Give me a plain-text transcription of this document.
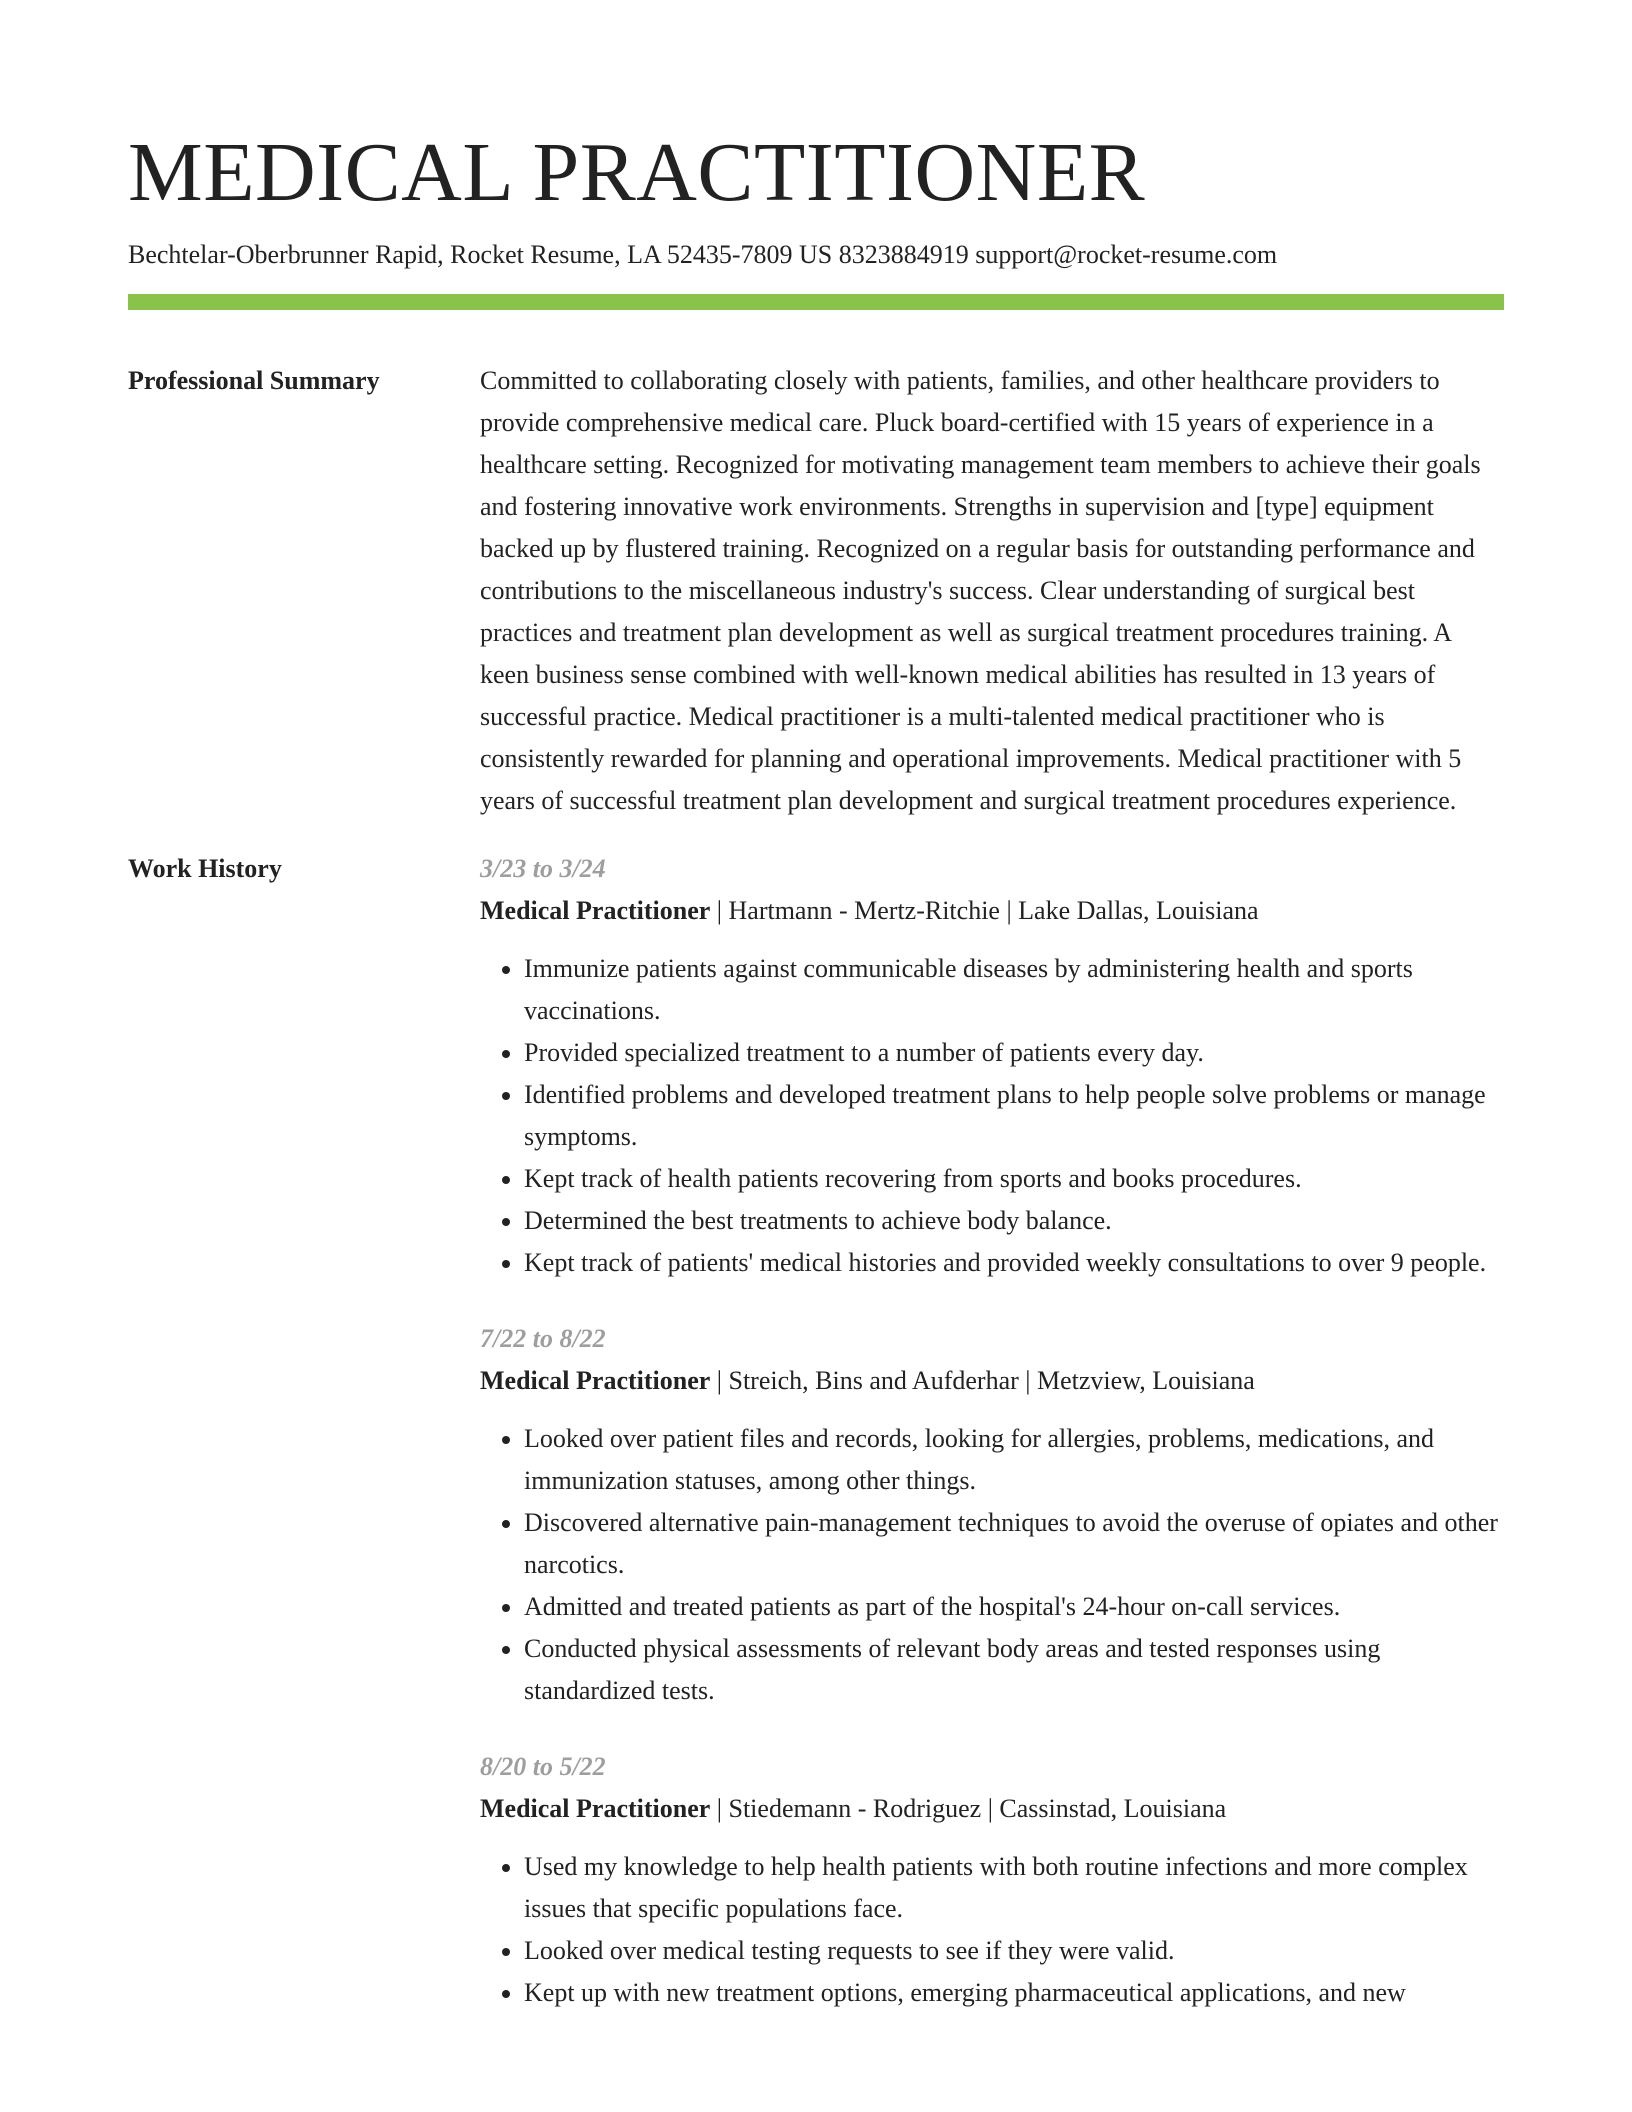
MEDICAL PRACTITIONER
Bechtelar-Oberbrunner Rapid, Rocket Resume, LA 52435-7809 US 8323884919 support@rocket-resume.com
Professional Summary	Committed to collaborating closely with patients, families, and other healthcare providers to provide comprehensive medical care. Pluck board-certified with 15 years of experience in a healthcare setting. Recognized for motivating management team members to achieve their goals and fostering innovative work environments. Strengths in supervision and [type] equipment backed up by flustered training. Recognized on a regular basis for outstanding performance and contributions to the miscellaneous industry's success. Clear understanding of surgical best practices and treatment plan development as well as surgical treatment procedures training. A keen business sense combined with well-known medical abilities has resulted in 13 years of successful practice. Medical practitioner is a multi-talented medical practitioner who is consistently rewarded for planning and operational improvements. Medical practitioner with 5 years of successful treatment plan development and surgical treatment procedures experience.
Work History	3/23 to 3/24
Medical Practitioner | Hartmann - Mertz-Ritchie | Lake Dallas, Louisiana
• Immunize patients against communicable diseases by administering health and sports vaccinations.
• Provided specialized treatment to a number of patients every day.
• Identified problems and developed treatment plans to help people solve problems or manage symptoms.
• Kept track of health patients recovering from sports and books procedures.
• Determined the best treatments to achieve body balance.
• Kept track of patients' medical histories and provided weekly consultations to over 9 people.
7/22 to 8/22
Medical Practitioner | Streich, Bins and Aufderhar | Metzview, Louisiana
• Looked over patient files and records, looking for allergies, problems, medications, and immunization statuses, among other things.
• Discovered alternative pain-management techniques to avoid the overuse of opiates and other narcotics.
• Admitted and treated patients as part of the hospital's 24-hour on-call services.
• Conducted physical assessments of relevant body areas and tested responses using standardized tests.
8/20 to 5/22
Medical Practitioner | Stiedemann - Rodriguez | Cassinstad, Louisiana
• Used my knowledge to help health patients with both routine infections and more complex issues that specific populations face.
• Looked over medical testing requests to see if they were valid.
• Kept up with new treatment options, emerging pharmaceutical applications, and new
